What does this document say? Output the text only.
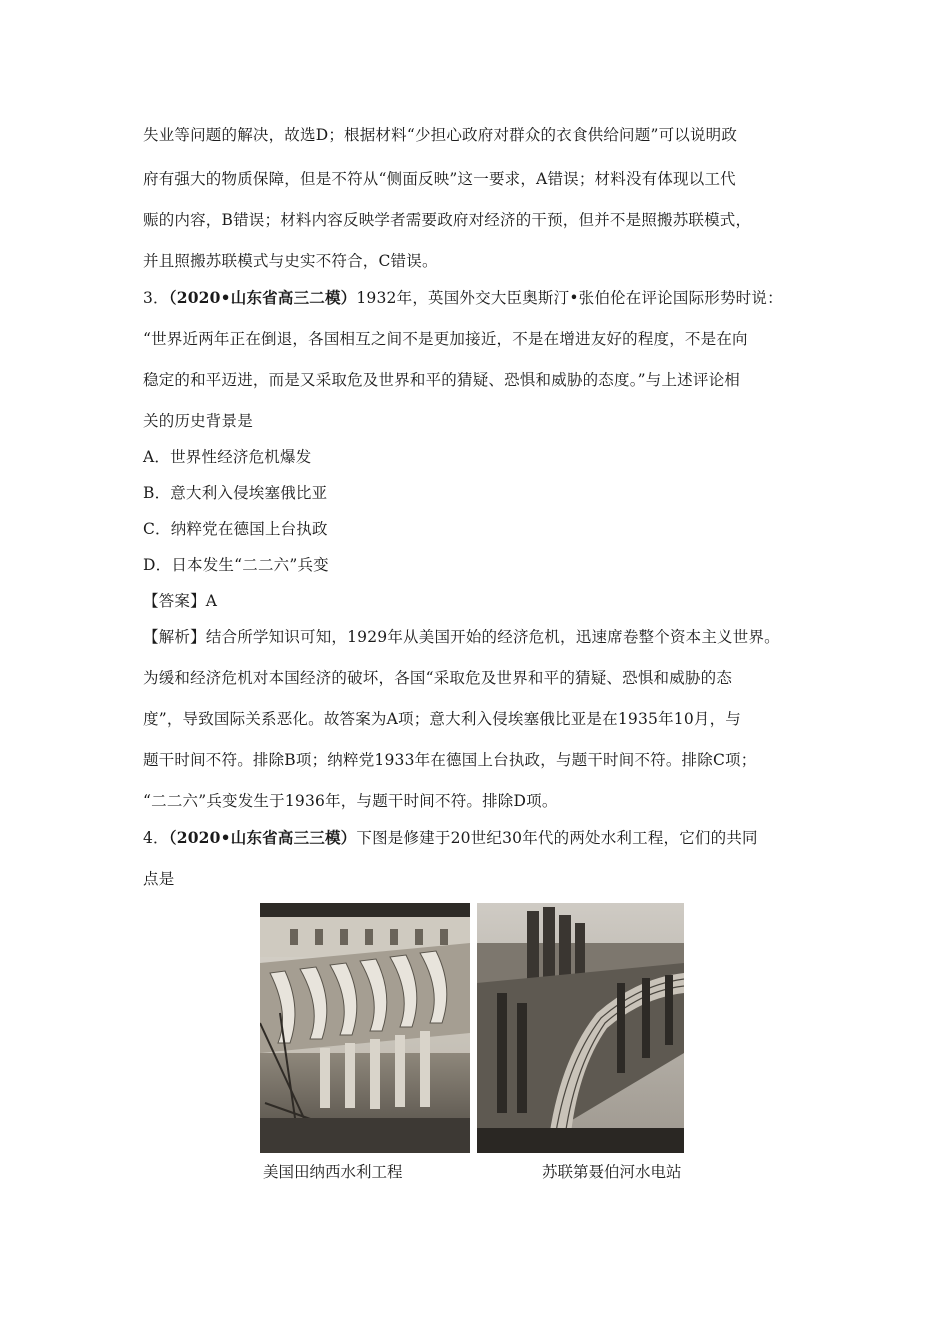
失业等问题的解决，故选D；根据材料“少担心政府对群众的衣食供给问题”可以说明政
府有强大的物质保障，但是不符从“侧面反映”这一要求，A错误；材料没有体现以工代
赈的内容，B错误；材料内容反映学者需要政府对经济的干预，但并不是照搬苏联模式，
并且照搬苏联模式与史实不符合，C错误。
3．（2020•山东省高三二模）1932年，英国外交大臣奥斯汀•张伯伦在评论国际形势时说：
“世界近两年正在倒退，各国相互之间不是更加接近，不是在增进友好的程度，不是在向
稳定的和平迈进，而是又采取危及世界和平的猜疑、恐惧和威胁的态度。”与上述评论相
关的历史背景是
A．世界性经济危机爆发
B．意大利入侵埃塞俄比亚
C．纳粹党在德国上台执政
D．日本发生“二二六”兵变
【答案】A
【解析】结合所学知识可知，1929年从美国开始的经济危机，迅速席卷整个资本主义世界。
为缓和经济危机对本国经济的破坏，各国“采取危及世界和平的猜疑、恐惧和威胁的态
度”，导致国际关系恶化。故答案为A项；意大利入侵埃塞俄比亚是在1935年10月，与
题干时间不符。排除B项；纳粹党1933年在德国上台执政，与题干时间不符。排除C项；
“二二六”兵变发生于1936年，与题干时间不符。排除D项。
4．（2020•山东省高三三模）下图是修建于20世纪30年代的两处水利工程，它们的共同
点是
美国田纳西水利工程	苏联第聂伯河水电站
